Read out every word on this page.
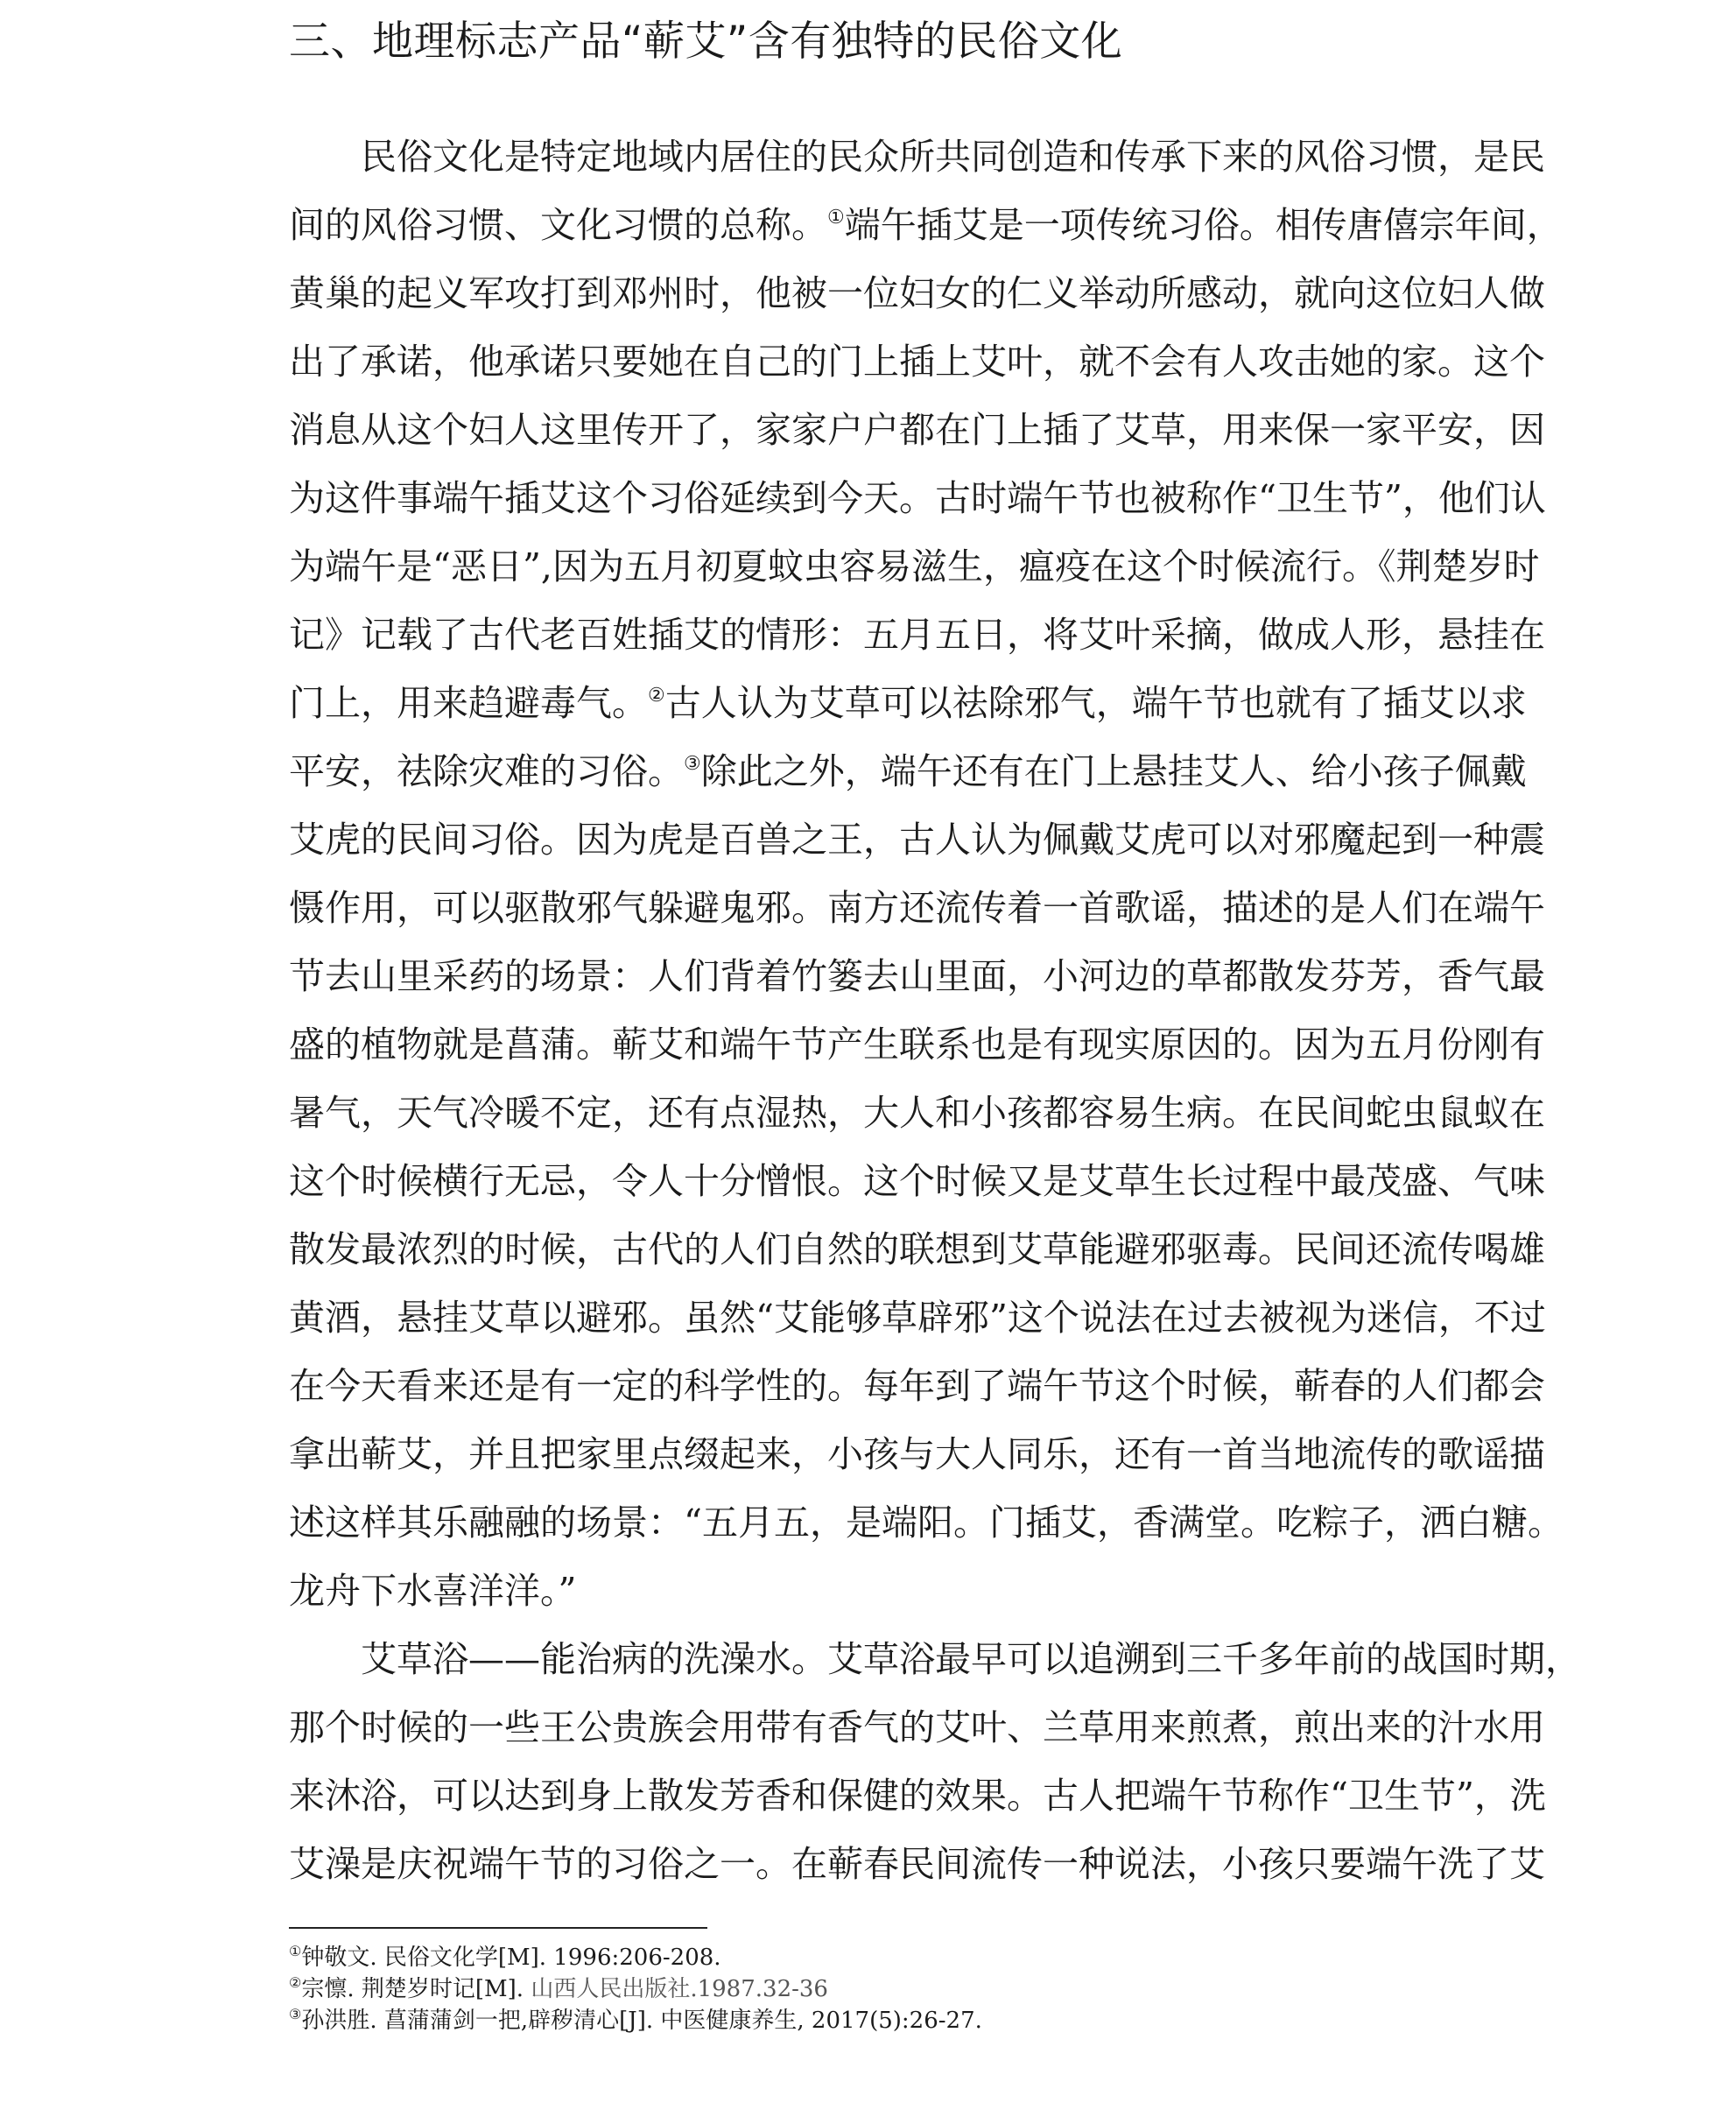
三、地理标志产品“蕲艾”含有独特的民俗文化
民俗文化是特定地域内居住的民众所共同创造和传承下来的风俗习惯，是民
间的风俗习惯、文化习惯的总称。①端午插艾是一项传统习俗。相传唐僖宗年间，
黄巢的起义军攻打到邓州时，他被一位妇女的仁义举动所感动，就向这位妇人做
出了承诺，他承诺只要她在自己的门上插上艾叶，就不会有人攻击她的家。这个
消息从这个妇人这里传开了，家家户户都在门上插了艾草，用来保一家平安，因
为这件事端午插艾这个习俗延续到今天。古时端午节也被称作“卫生节”，他们认
为端午是“恶日”,因为五月初夏蚊虫容易滋生，瘟疫在这个时候流行。《荆楚岁时
记》记载了古代老百姓插艾的情形：五月五日，将艾叶采摘，做成人形，悬挂在
门上，用来趋避毒气。②古人认为艾草可以祛除邪气，端午节也就有了插艾以求
平安，祛除灾难的习俗。③除此之外，端午还有在门上悬挂艾人、给小孩子佩戴
艾虎的民间习俗。因为虎是百兽之王，古人认为佩戴艾虎可以对邪魔起到一种震
慑作用，可以驱散邪气躲避鬼邪。南方还流传着一首歌谣，描述的是人们在端午
节去山里采药的场景：人们背着竹篓去山里面，小河边的草都散发芬芳，香气最
盛的植物就是菖蒲。蕲艾和端午节产生联系也是有现实原因的。因为五月份刚有
暑气，天气冷暖不定，还有点湿热，大人和小孩都容易生病。在民间蛇虫鼠蚁在
这个时候横行无忌，令人十分憎恨。这个时候又是艾草生长过程中最茂盛、气味
散发最浓烈的时候，古代的人们自然的联想到艾草能避邪驱毒。民间还流传喝雄
黄酒，悬挂艾草以避邪。虽然“艾能够草辟邪”这个说法在过去被视为迷信，不过
在今天看来还是有一定的科学性的。每年到了端午节这个时候，蕲春的人们都会
拿出蕲艾，并且把家里点缀起来，小孩与大人同乐，还有一首当地流传的歌谣描
述这样其乐融融的场景：“五月五，是端阳。门插艾，香满堂。吃粽子，洒白糖。
龙舟下水喜洋洋。”
艾草浴——能治病的洗澡水。艾草浴最早可以追溯到三千多年前的战国时期，
那个时候的一些王公贵族会用带有香气的艾叶、兰草用来煎煮，煎出来的汁水用
来沐浴，可以达到身上散发芳香和保健的效果。古人把端午节称作“卫生节”，洗
艾澡是庆祝端午节的习俗之一。在蕲春民间流传一种说法，小孩只要端午洗了艾
①钟敬文. 民俗文化学[M]. 1996:206-208.
②宗懔. 荆楚岁时记[M]. 山西人民出版社.1987.32-36
③孙洪胜. 菖蒲蒲剑一把,辟秽清心[J]. 中医健康养生, 2017(5):26-27.
